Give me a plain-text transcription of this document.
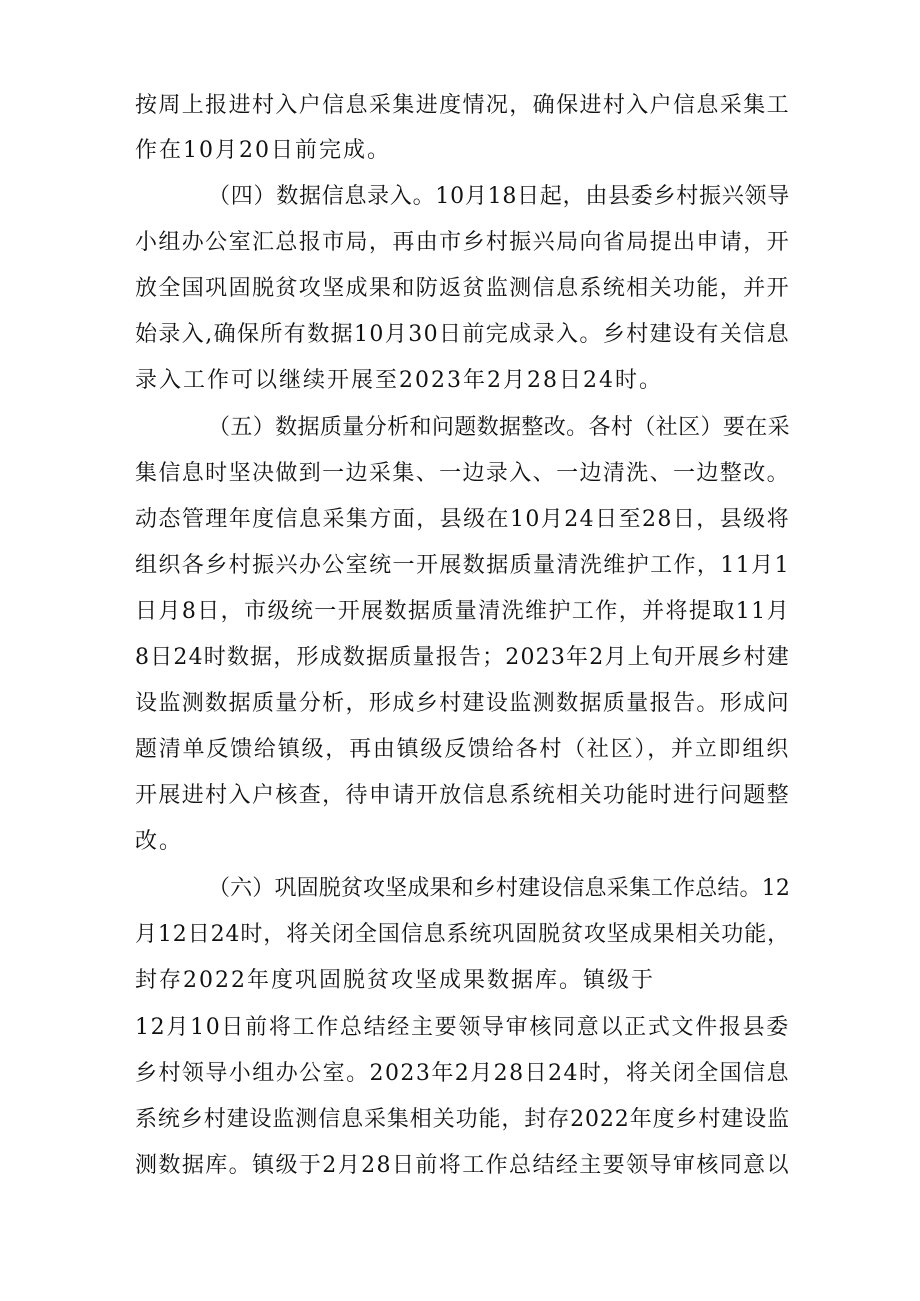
按周上报进村入户信息采集进度情况，确保进村入户信息采集工
作在10月20日前完成。
（四）数据信息录入。10月18日起，由县委乡村振兴领导
小组办公室汇总报市局，再由市乡村振兴局向省局提出申请，开
放全国巩固脱贫攻坚成果和防返贫监测信息系统相关功能，并开
始录入,确保所有数据10月30日前完成录入。乡村建设有关信息
录入工作可以继续开展至2023年2月28日24时。
（五）数据质量分析和问题数据整改。各村（社区）要在采
集信息时坚决做到一边采集、一边录入、一边清洗、一边整改。
动态管理年度信息采集方面，县级在10月24日至28日，县级将
组织各乡村振兴办公室统一开展数据质量清洗维护工作，11月1
日月8日，市级统一开展数据质量清洗维护工作，并将提取11月
8日24时数据，形成数据质量报告；2023年2月上旬开展乡村建
设监测数据质量分析，形成乡村建设监测数据质量报告。形成问
题清单反馈给镇级，再由镇级反馈给各村（社区），并立即组织
开展进村入户核查，待申请开放信息系统相关功能时进行问题整
改。
（六）巩固脱贫攻坚成果和乡村建设信息采集工作总结。12
月12日24时，将关闭全国信息系统巩固脱贫攻坚成果相关功能，
封存2022年度巩固脱贫攻坚成果数据库。镇级于
12月10日前将工作总结经主要领导审核同意以正式文件报县委
乡村领导小组办公室。2023年2月28日24时，将关闭全国信息
系统乡村建设监测信息采集相关功能，封存2022年度乡村建设监
测数据库。镇级于2月28日前将工作总结经主要领导审核同意以
